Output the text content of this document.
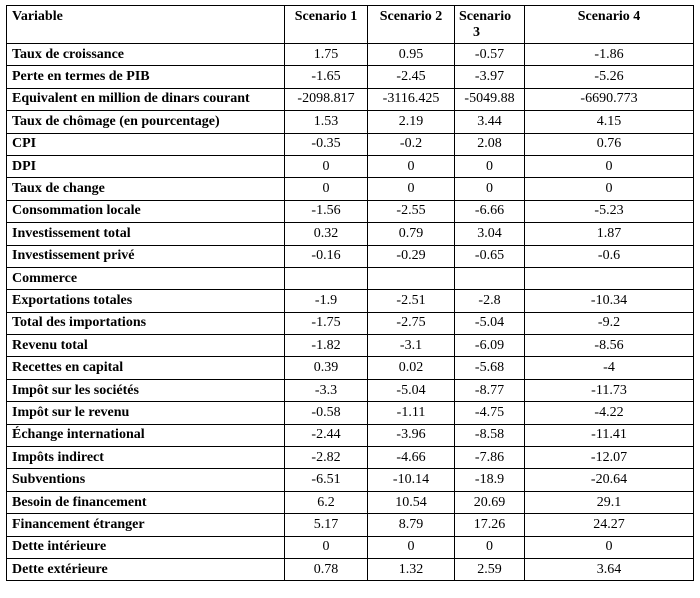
Variable	Scenario 1	Scenario 2	Scenario 3	Scenario 4
Taux de croissance	1.75	0.95	-0.57	-1.86
Perte en termes de PIB	-1.65	-2.45	-3.97	-5.26
Equivalent en million de dinars courant	-2098.817	-3116.425	-5049.88	-6690.773
Taux de chômage (en pourcentage)	1.53	2.19	3.44	4.15
CPI	-0.35	-0.2	2.08	0.76
DPI	0	0	0	0
Taux de change	0	0	0	0
Consommation locale	-1.56	-2.55	-6.66	-5.23
Investissement total	0.32	0.79	3.04	1.87
Investissement privé	-0.16	-0.29	-0.65	-0.6
Commerce				
Exportations totales	-1.9	-2.51	-2.8	-10.34
Total des importations	-1.75	-2.75	-5.04	-9.2
Revenu total	-1.82	-3.1	-6.09	-8.56
Recettes en capital	0.39	0.02	-5.68	-4
Impôt sur les sociétés	-3.3	-5.04	-8.77	-11.73
Impôt sur le revenu	-0.58	-1.11	-4.75	-4.22
Échange international	-2.44	-3.96	-8.58	-11.41
Impôts indirect	-2.82	-4.66	-7.86	-12.07
Subventions	-6.51	-10.14	-18.9	-20.64
Besoin de financement	6.2	10.54	20.69	29.1
Financement étranger	5.17	8.79	17.26	24.27
Dette intérieure	0	0	0	0
Dette extérieure	0.78	1.32	2.59	3.64
